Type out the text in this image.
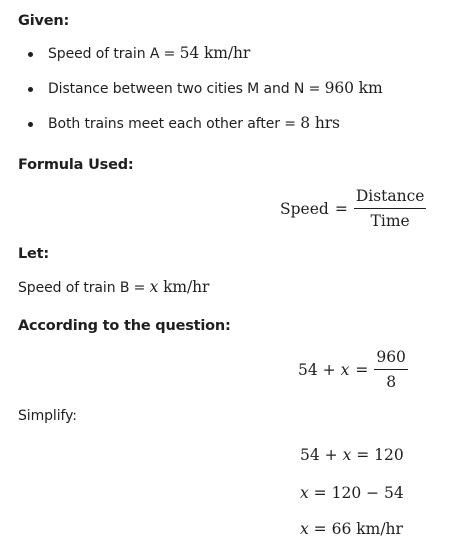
Given:
Speed of train A = 54 km/hr
Distance between two cities M and N = 960 km
Both trains meet each other after = 8 hrs
Formula Used:
Speed = $\frac{\text{Distance}}{\text{Time}}$
Let:
Speed of train B = x km/hr
According to the question:
$54 + x = \frac{960}{8}$
Simplify:
54 + x = 120
x = 120 − 54
x = 66 km/hr
